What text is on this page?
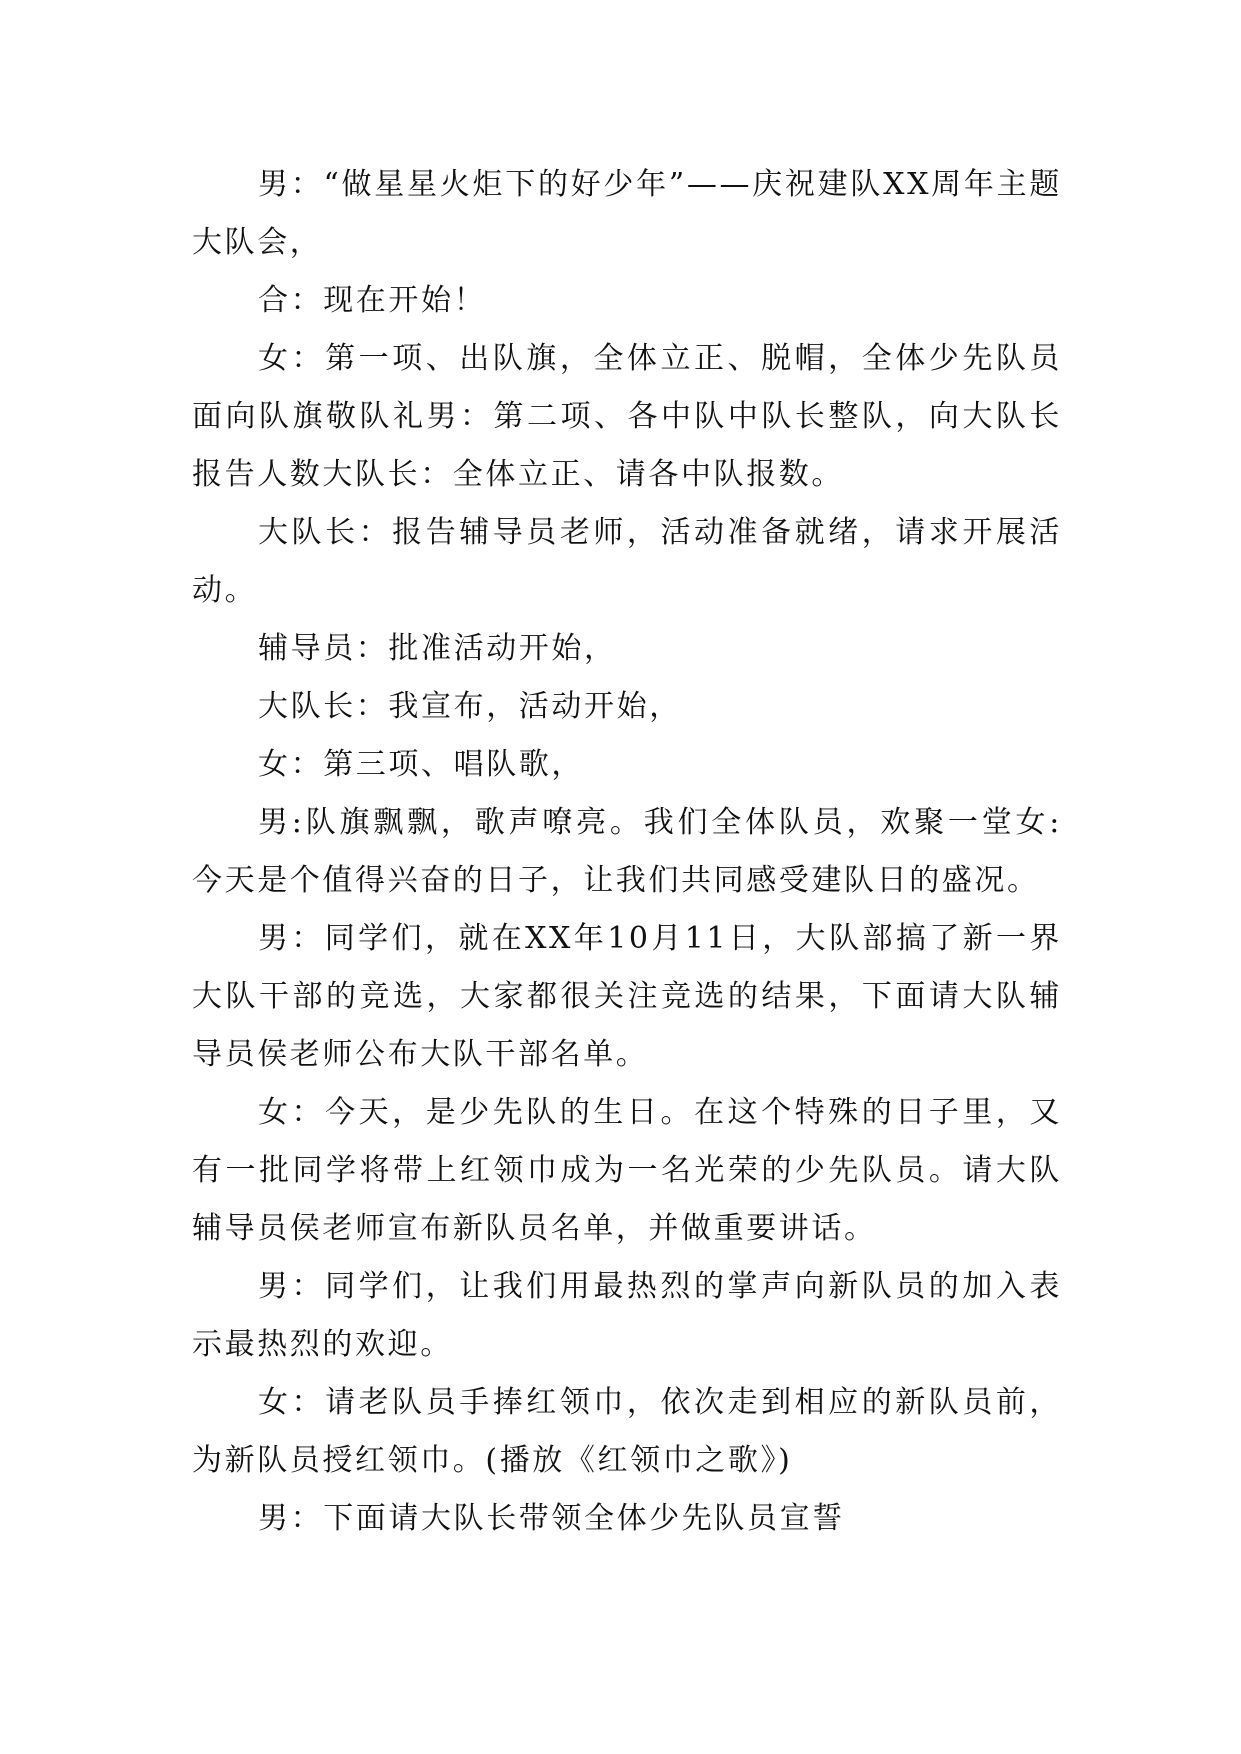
男：“做星星火炬下的好少年”——庆祝建队XX周年主题大队会，

合：现在开始！

女：第一项、出队旗，全体立正、脱帽，全体少先队员面向队旗敬队礼男：第二项、各中队中队长整队，向大队长报告人数大队长：全体立正、请各中队报数。

大队长：报告辅导员老师，活动准备就绪，请求开展活动。

辅导员：批准活动开始，

大队长：我宣布，活动开始，

女：第三项、唱队歌，

男:队旗飘飘，歌声嘹亮。我们全体队员，欢聚一堂女:今天是个值得兴奋的日子，让我们共同感受建队日的盛况。

男：同学们，就在XX年10月11日，大队部搞了新一界大队干部的竞选，大家都很关注竞选的结果，下面请大队辅导员侯老师公布大队干部名单。

女：今天，是少先队的生日。在这个特殊的日子里，又有一批同学将带上红领巾成为一名光荣的少先队员。请大队辅导员侯老师宣布新队员名单，并做重要讲话。

男：同学们，让我们用最热烈的掌声向新队员的加入表示最热烈的欢迎。

女：请老队员手捧红领巾，依次走到相应的新队员前，为新队员授红领巾。(播放《红领巾之歌》)

男：下面请大队长带领全体少先队员宣誓
